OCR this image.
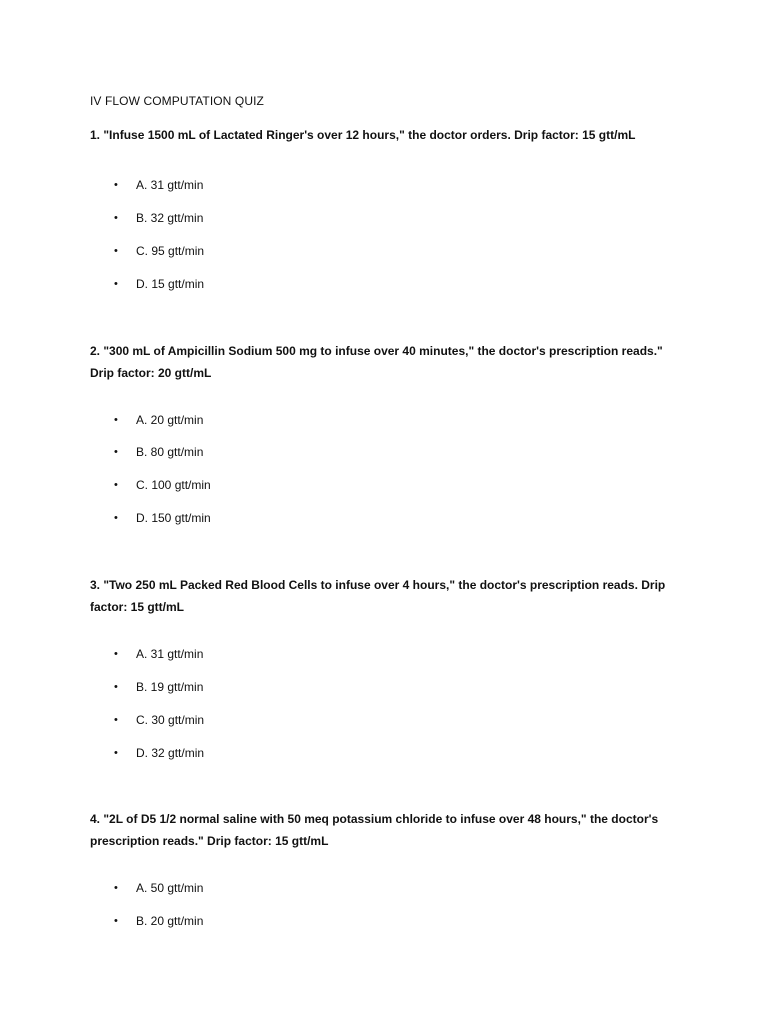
IV FLOW COMPUTATION QUIZ
1. "Infuse 1500 mL of Lactated Ringer's over 12 hours," the doctor orders. Drip factor: 15 gtt/mL
• A. 31 gtt/min
• B. 32 gtt/min
• C. 95 gtt/min
• D. 15 gtt/min
2. "300 mL of Ampicillin Sodium 500 mg to infuse over 40 minutes," the doctor's prescription reads." Drip factor: 20 gtt/mL
• A. 20 gtt/min
• B. 80 gtt/min
• C. 100 gtt/min
• D. 150 gtt/min
3. "Two 250 mL Packed Red Blood Cells to infuse over 4 hours," the doctor's prescription reads. Drip factor: 15 gtt/mL
• A. 31 gtt/min
• B. 19 gtt/min
• C. 30 gtt/min
• D. 32 gtt/min
4. "2L of D5 1/2 normal saline with 50 meq potassium chloride to infuse over 48 hours," the doctor's prescription reads." Drip factor: 15 gtt/mL
• A. 50 gtt/min
• B. 20 gtt/min
